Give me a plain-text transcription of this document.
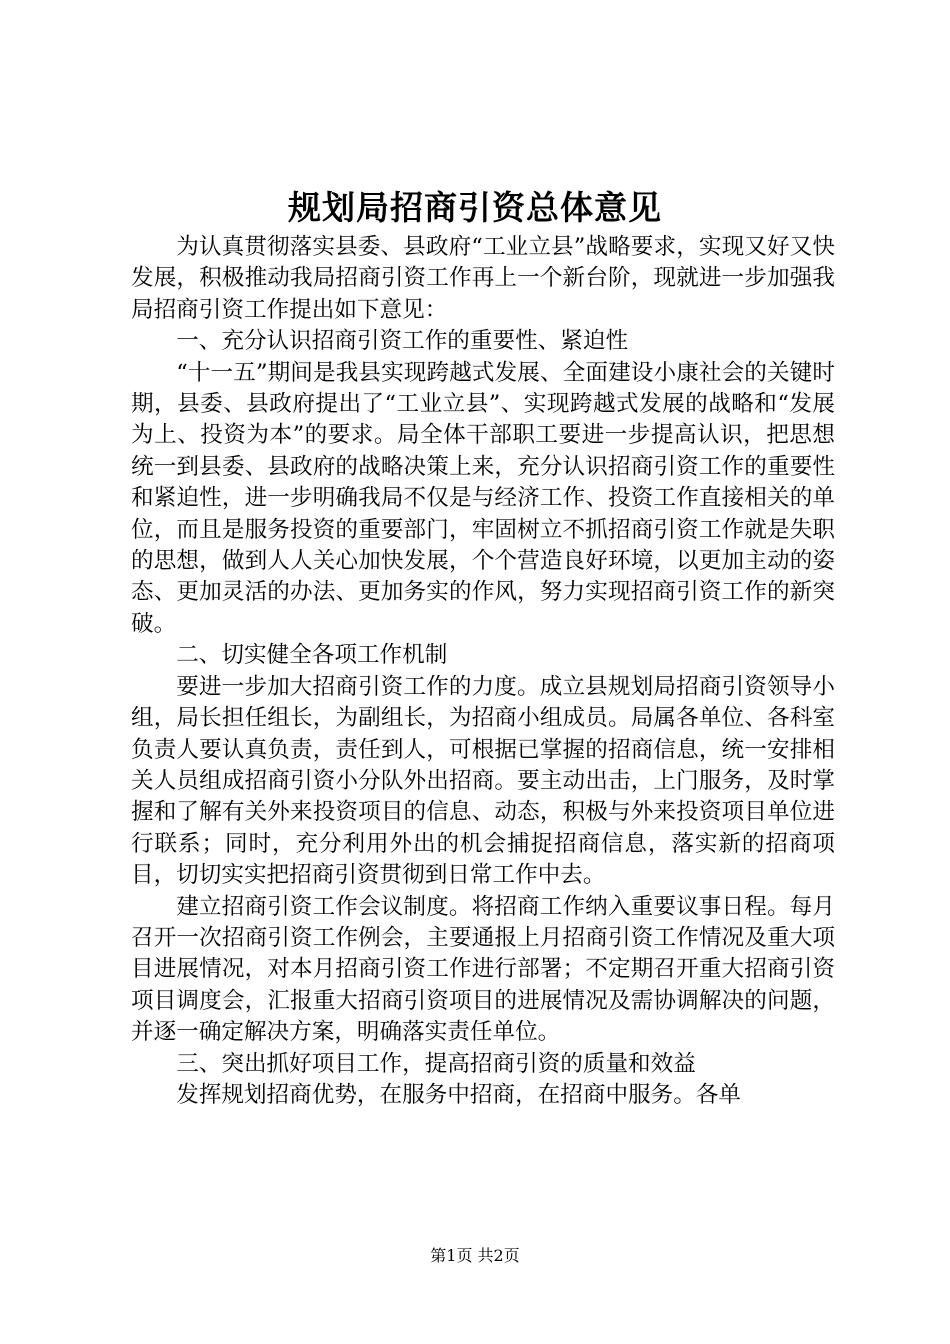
规划局招商引资总体意见

为认真贯彻落实县委、县政府“工业立县”战略要求，实现又好又快发展，积极推动我局招商引资工作再上一个新台阶，现就进一步加强我局招商引资工作提出如下意见：

一、充分认识招商引资工作的重要性、紧迫性

“十一五”期间是我县实现跨越式发展、全面建设小康社会的关键时期，县委、县政府提出了“工业立县”、实现跨越式发展的战略和“发展为上、投资为本”的要求。局全体干部职工要进一步提高认识，把思想统一到县委、县政府的战略决策上来，充分认识招商引资工作的重要性和紧迫性，进一步明确我局不仅是与经济工作、投资工作直接相关的单位，而且是服务投资的重要部门，牢固树立不抓招商引资工作就是失职的思想，做到人人关心加快发展，个个营造良好环境，以更加主动的姿态、更加灵活的办法、更加务实的作风，努力实现招商引资工作的新突破。

二、切实健全各项工作机制

要进一步加大招商引资工作的力度。成立县规划局招商引资领导小组，局长担任组长，为副组长，为招商小组成员。局属各单位、各科室负责人要认真负责，责任到人，可根据已掌握的招商信息，统一安排相关人员组成招商引资小分队外出招商。要主动出击，上门服务，及时掌握和了解有关外来投资项目的信息、动态，积极与外来投资项目单位进行联系；同时，充分利用外出的机会捕捉招商信息，落实新的招商项目，切切实实把招商引资贯彻到日常工作中去。

建立招商引资工作会议制度。将招商工作纳入重要议事日程。每月召开一次招商引资工作例会，主要通报上月招商引资工作情况及重大项目进展情况，对本月招商引资工作进行部署；不定期召开重大招商引资项目调度会，汇报重大招商引资项目的进展情况及需协调解决的问题，并逐一确定解决方案，明确落实责任单位。

三、突出抓好项目工作，提高招商引资的质量和效益

发挥规划招商优势，在服务中招商，在招商中服务。各单

第1页 共2页
